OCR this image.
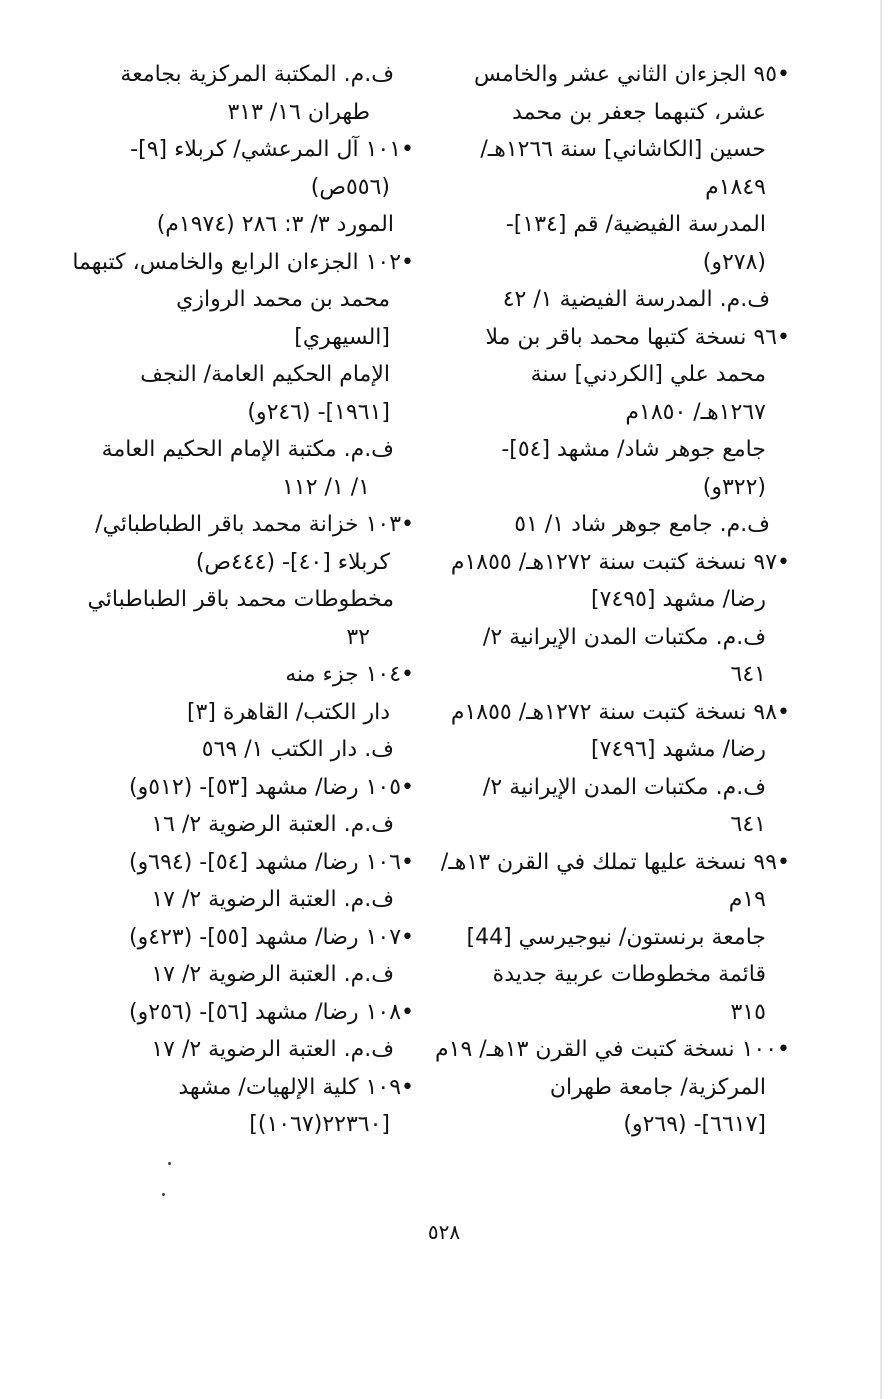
•٩٥ الجزءان الثاني عشر والخامس
عشر، كتبهما جعفر بن محمد
حسين [الكاشاني] سنة ١٢٦٦هـ/
١٨٤٩م
المدرسة الفيضية/ قم [١٣٤]-
(٢٧٨و)
ف.م. المدرسة الفيضية ١/ ٤٢
•٩٦ نسخة كتبها محمد باقر بن ملا
محمد علي [الكردني] سنة
١٢٦٧هـ/ ١٨٥٠م
جامع جوهر شاد/ مشهد [٥٤]-
(٣٢٢و)
ف.م. جامع جوهر شاد ١/ ٥١
•٩٧ نسخة كتبت سنة ١٢٧٢هـ/ ١٨٥٥م
رضا/ مشهد [٧٤٩٥]
ف.م. مكتبات المدن الإيرانية ٢/
٦٤١
•٩٨ نسخة كتبت سنة ١٢٧٢هـ/ ١٨٥٥م
رضا/ مشهد [٧٤٩٦]
ف.م. مكتبات المدن الإيرانية ٢/
٦٤١
•٩٩ نسخة عليها تملك في القرن ١٣هـ/
١٩م
جامعة برنستون/ نيوجيرسي [44]
قائمة مخطوطات عربية جديدة
٣١٥
•١٠٠ نسخة كتبت في القرن ١٣هـ/ ١٩م
المركزية/ جامعة طهران
[٦٦١٧]- (٢٦٩و)
ف.م. المكتبة المركزية بجامعة
طهران ١٦/ ٣١٣
•١٠١ آل المرعشي/ كربلاء [٩]-
(٥٥٦ص)
المورد ٣/ ٣: ٢٨٦ (١٩٧٤م)
•١٠٢ الجزءان الرابع والخامس، كتبهما
محمد بن محمد الروازي
[السيهري]
الإمام الحكيم العامة/ النجف
[١٩٦١]- (٢٤٦و)
ف.م. مكتبة الإمام الحكيم العامة
١/ ١/ ١١٢
•١٠٣ خزانة محمد باقر الطباطبائي/
كربلاء [٤٠]- (٤٤٤ص)
مخطوطات محمد باقر الطباطبائي
٣٢
•١٠٤ جزء منه
دار الكتب/ القاهرة [٣]
ف. دار الكتب ١/ ٥٦٩
•١٠٥ رضا/ مشهد [٥٣]- (٥١٢و)
ف.م. العتبة الرضوية ٢/ ١٦
•١٠٦ رضا/ مشهد [٥٤]- (٦٩٤و)
ف.م. العتبة الرضوية ٢/ ١٧
•١٠٧ رضا/ مشهد [٥٥]- (٤٢٣و)
ف.م. العتبة الرضوية ٢/ ١٧
•١٠٨ رضا/ مشهد [٥٦]- (٢٥٦و)
ف.م. العتبة الرضوية ٢/ ١٧
•١٠٩ كلية الإلهيات/ مشهد
[٢٢٣٦٠(١٠٦٧)]
٥٢٨
